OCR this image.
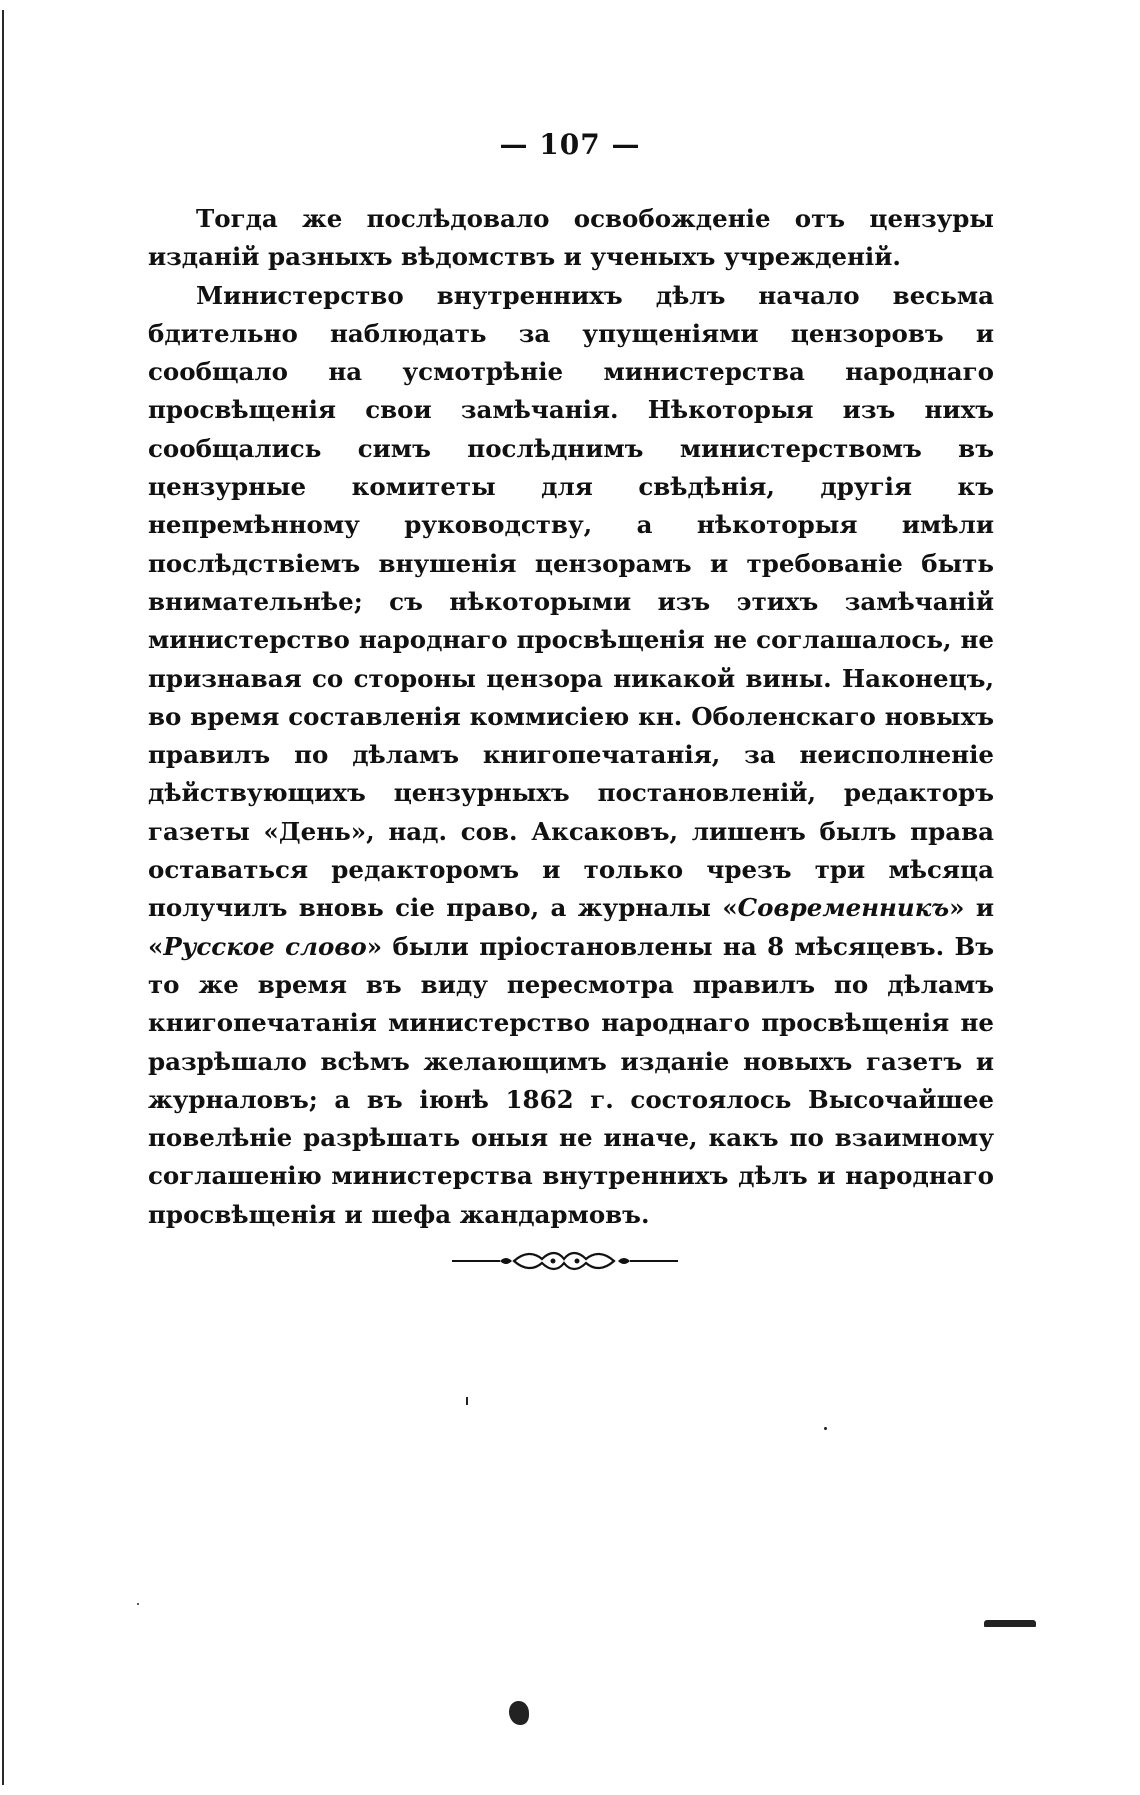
— 107 —

Тогда же послѣдовало освобожденіе отъ цензуры изданій разныхъ вѣдомствъ и ученыхъ учрежденій.

Министерство внутреннихъ дѣлъ начало весьма бдительно наблюдать за упущеніями цензоровъ и сообщало на усмотрѣніе министерства народнаго просвѣщенія свои замѣчанія. Нѣкоторыя изъ нихъ сообщались симъ послѣднимъ министерствомъ въ цензурные комитеты для свѣдѣнія, другія къ непремѣнному руководству, а нѣкоторыя имѣли послѣдствіемъ внушенія цензорамъ и требованіе быть внимательнѣе; съ нѣкоторыми изъ этихъ замѣчаній министерство народнаго просвѣщенія не соглашалось, не признавая со стороны цензора никакой вины. Наконецъ, во время составленія коммисіею кн. Оболенскаго новыхъ правилъ по дѣламъ книгопечатанія, за неисполненіе дѣйствующихъ цензурныхъ постановленій, редакторъ газеты «День», над. сов. Аксаковъ, лишенъ былъ права оставаться редакторомъ и только чрезъ три мѣсяца получилъ вновь сіе право, а журналы «Современникъ» и «Русское слово» были пріостановлены на 8 мѣсяцевъ. Въ то же время въ виду пересмотра правилъ по дѣламъ книгопечатанія министерство народнаго просвѣщенія не разрѣшало всѣмъ желающимъ изданіе новыхъ газетъ и журналовъ; а въ іюнѣ 1862 г. состоялось Высочайшее повелѣніе разрѣшать оныя не иначе, какъ по взаимному соглашенію министерства внутреннихъ дѣлъ и народнаго просвѣщенія и шефа жандармовъ.
